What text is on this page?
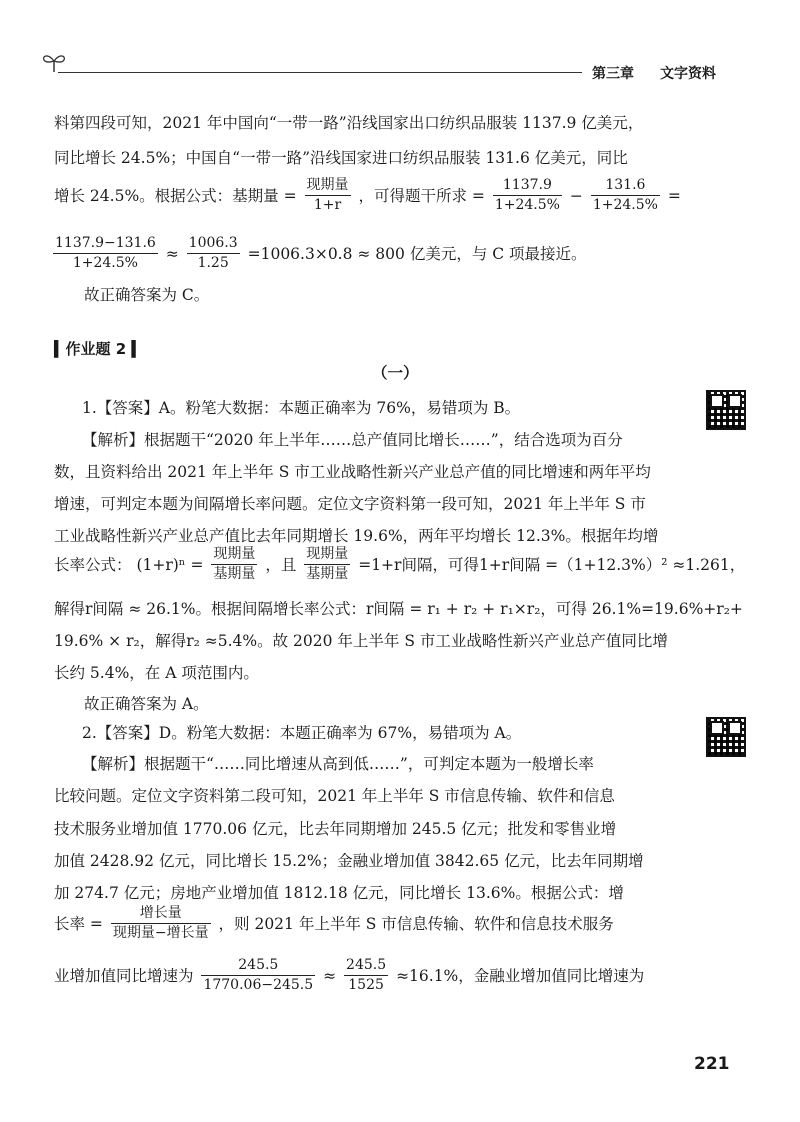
第三章 文字资料
料第四段可知，2021 年中国向“一带一路”沿线国家出口纺织品服装 1137.9 亿美元，
同比增长 24.5%；中国自“一带一路”沿线国家进口纺织品服装 131.6 亿美元，同比
增长 24.5%。根据公式：基期量 = $\frac{\text{现期量}}{1+r}$ ，可得题干所求 = $\frac{1137.9}{1+24.5\%} - \frac{131.6}{1+24.5\%}$ =
$\frac{1137.9-131.6}{1+24.5\%} \approx \frac{1006.3}{1.25} =1006.3\times 0.8 \approx 800$ 亿美元，与 C 项最接近。
故正确答案为 C。
▍作业题 2 ▍
（一）
1.【答案】A。粉笔大数据：本题正确率为 76%，易错项为 B。
【解析】根据题干“2020 年上半年……总产值同比增长……”，结合选项为百分
数，且资料给出 2021 年上半年 S 市工业战略性新兴产业总产值的同比增速和两年平均
增速，可判定本题为间隔增长率问题。定位文字资料第一段可知，2021 年上半年 S 市
工业战略性新兴产业总产值比去年同期增长 19.6%，两年平均增长 12.3%。根据年均增
长率公式： $(1+r)^n = \frac{\text{现期量}}{\text{基期量}}$ ，且 $\frac{\text{现期量}}{\text{基期量}} =1+r$间隔，可得1+r间隔 =（1+12.3%）² ≈1.261，
解得r间隔 ≈ 26.1%。根据间隔增长率公式：r间隔 = r₁ + r₂ + r₁×r₂，可得 26.1%=19.6%+r₂+
19.6% × r₂，解得r₂ ≈5.4%。故 2020 年上半年 S 市工业战略性新兴产业总产值同比增
长约 5.4%，在 A 项范围内。
故正确答案为 A。
2.【答案】D。粉笔大数据：本题正确率为 67%，易错项为 A。
【解析】根据题干“……同比增速从高到低……”，可判定本题为一般增长率
比较问题。定位文字资料第二段可知，2021 年上半年 S 市信息传输、软件和信息
技术服务业增加值 1770.06 亿元，比去年同期增加 245.5 亿元；批发和零售业增
加值 2428.92 亿元，同比增长 15.2%；金融业增加值 3842.65 亿元，比去年同期增
加 274.7 亿元；房地产业增加值 1812.18 亿元，同比增长 13.6%。根据公式：增
长率 = $\frac{\text{增长量}}{\text{现期量−增长量}}$ ，则 2021 年上半年 S 市信息传输、软件和信息技术服务
业增加值同比增速为 $\frac{245.5}{1770.06-245.5} \approx \frac{245.5}{1525} \approx 16.1\%$，金融业增加值同比增速为
221
